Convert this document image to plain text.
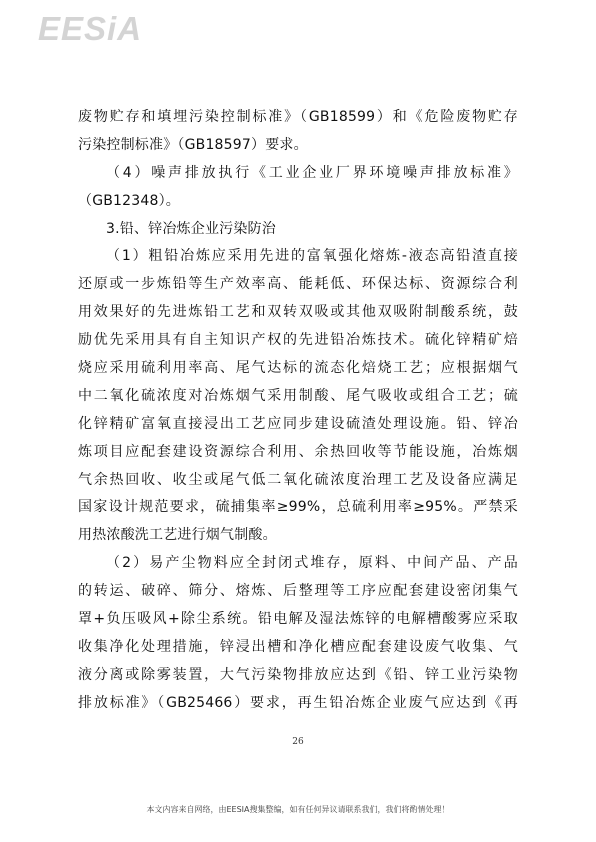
EESiA
废物贮存和填埋污染控制标准》（GB18599）和《危险废物贮存
污染控制标准》（GB18597）要求。
（4）噪声排放执行《工业企业厂界环境噪声排放标准》
（GB12348）。
3.铅、锌冶炼企业污染防治
（1）粗铅冶炼应采用先进的富氧强化熔炼-液态高铅渣直接
还原或一步炼铅等生产效率高、能耗低、环保达标、资源综合利
用效果好的先进炼铅工艺和双转双吸或其他双吸附制酸系统，鼓
励优先采用具有自主知识产权的先进铅冶炼技术。硫化锌精矿焙
烧应采用硫利用率高、尾气达标的流态化焙烧工艺；应根据烟气
中二氧化硫浓度对冶炼烟气采用制酸、尾气吸收或组合工艺；硫
化锌精矿富氧直接浸出工艺应同步建设硫渣处理设施。铅、锌冶
炼项目应配套建设资源综合利用、余热回收等节能设施，冶炼烟
气余热回收、收尘或尾气低二氧化硫浓度治理工艺及设备应满足
国家设计规范要求，硫捕集率≥99%，总硫利用率≥95%。严禁采
用热浓酸洗工艺进行烟气制酸。
（2）易产尘物料应全封闭式堆存，原料、中间产品、产品
的转运、破碎、筛分、熔炼、后整理等工序应配套建设密闭集气
罩+负压吸风+除尘系统。铅电解及湿法炼锌的电解槽酸雾应采取
收集净化处理措施，锌浸出槽和净化槽应配套建设废气收集、气
液分离或除雾装置，大气污染物排放应达到《铅、锌工业污染物
排放标准》（GB25466）要求，再生铅冶炼企业废气应达到《再
26
本文内容来自网络，由EESIA搜集整编，如有任何异议请联系我们，我们将酌情处理！
